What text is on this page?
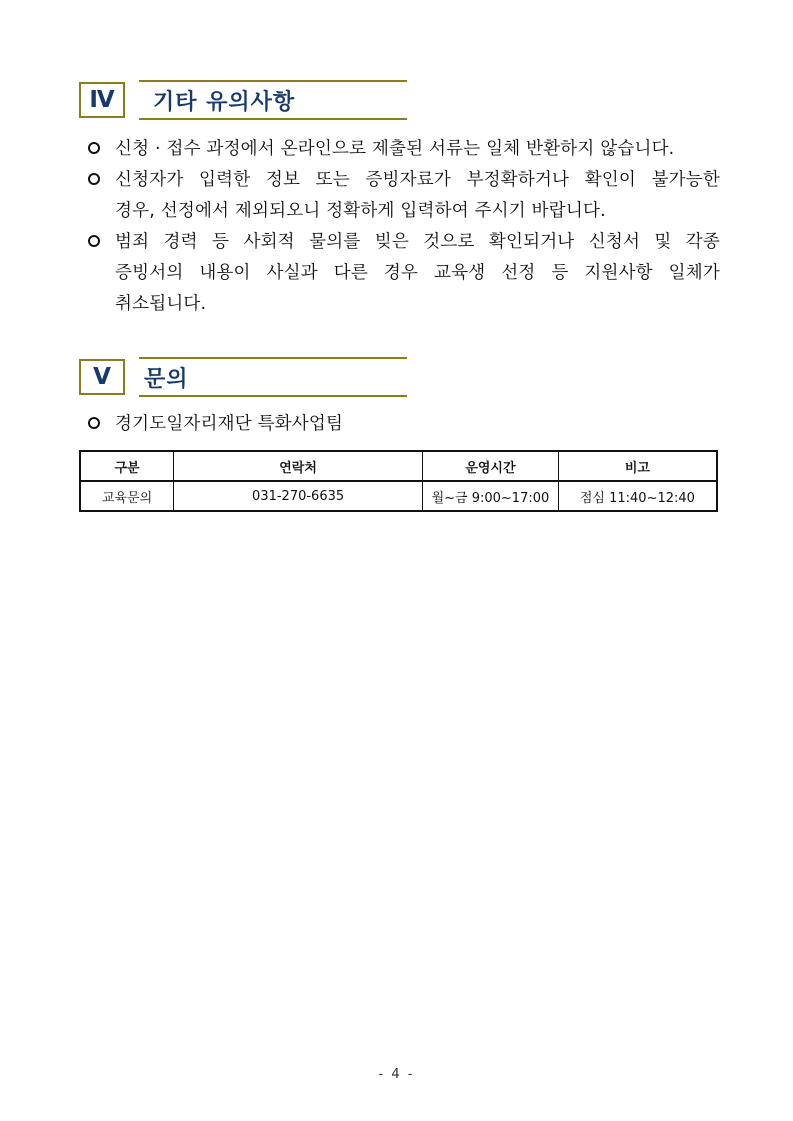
Ⅳ	기타 유의사항
신청 · 접수 과정에서 온라인으로 제출된 서류는 일체 반환하지 않습니다.
신청자가 입력한 정보 또는 증빙자료가 부정확하거나 확인이 불가능한
경우, 선정에서 제외되오니 정확하게 입력하여 주시기 바랍니다.
범죄 경력 등 사회적 물의를 빚은 것으로 확인되거나 신청서 및 각종
증빙서의 내용이 사실과 다른 경우 교육생 선정 등 지원사항 일체가
취소됩니다.
Ⅴ	문의
경기도일자리재단 특화사업팀
구분	연락처	운영시간	비고
교육문의	031-270-6635	월~금 9:00~17:00	점심 11:40~12:40
- 4 -
